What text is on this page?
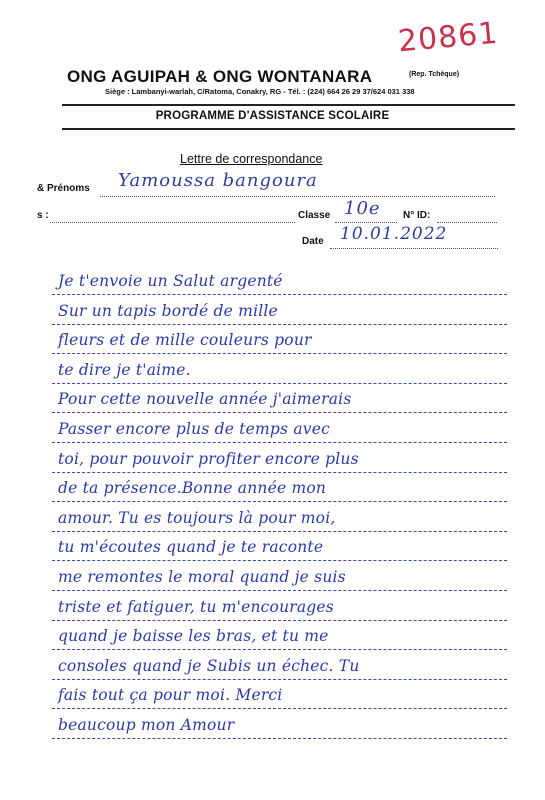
20861
ONG AGUIPAH & ONG WONTANARA	(Rep. Tchèque)
Siège : Lambanyi-warlah, C/Ratoma, Conakry, RG - Tél. : (224) 664 26 29 37/624 031 338
PROGRAMME D'ASSISTANCE SCOLAIRE
Lettre de correspondance
& Prénoms Yamoussa bangoura
s :	Classe 10e N° ID:
Date 10.01.2022
Je t'envoie un Salut argenté
Sur un tapis bordé de mille
fleurs et de mille couleurs pour
te dire je t'aime.
Pour cette nouvelle année j'aimerais
Passer encore plus de temps avec
toi, pour pouvoir profiter encore plus
de ta présence.Bonne année mon
amour. Tu es toujours là pour moi,
tu m'écoutes quand je te raconte
me remontes le moral quand je suis
triste et fatiguer, tu m'encourages
quand je baisse les bras, et tu me
consoles quand je Subis un échec. Tu
fais tout ça pour moi. Merci
beaucoup mon Amour
